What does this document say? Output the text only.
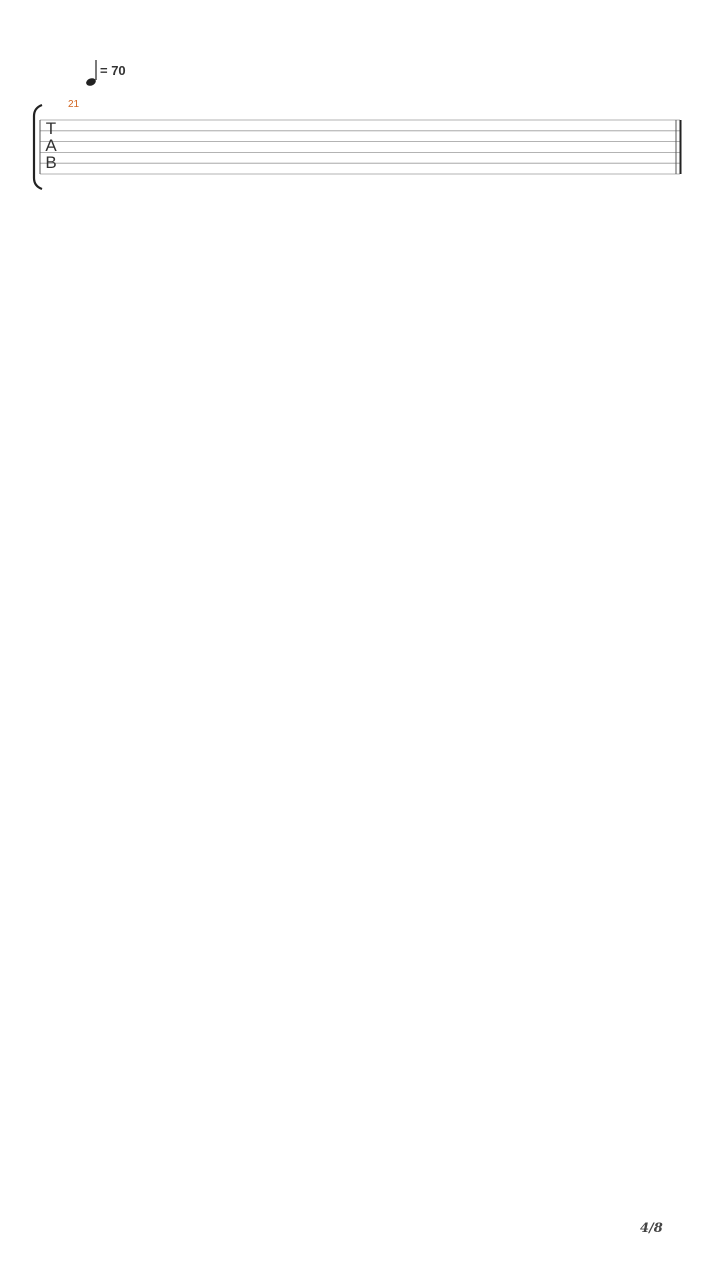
T
A
B
21
= 70
4/8
